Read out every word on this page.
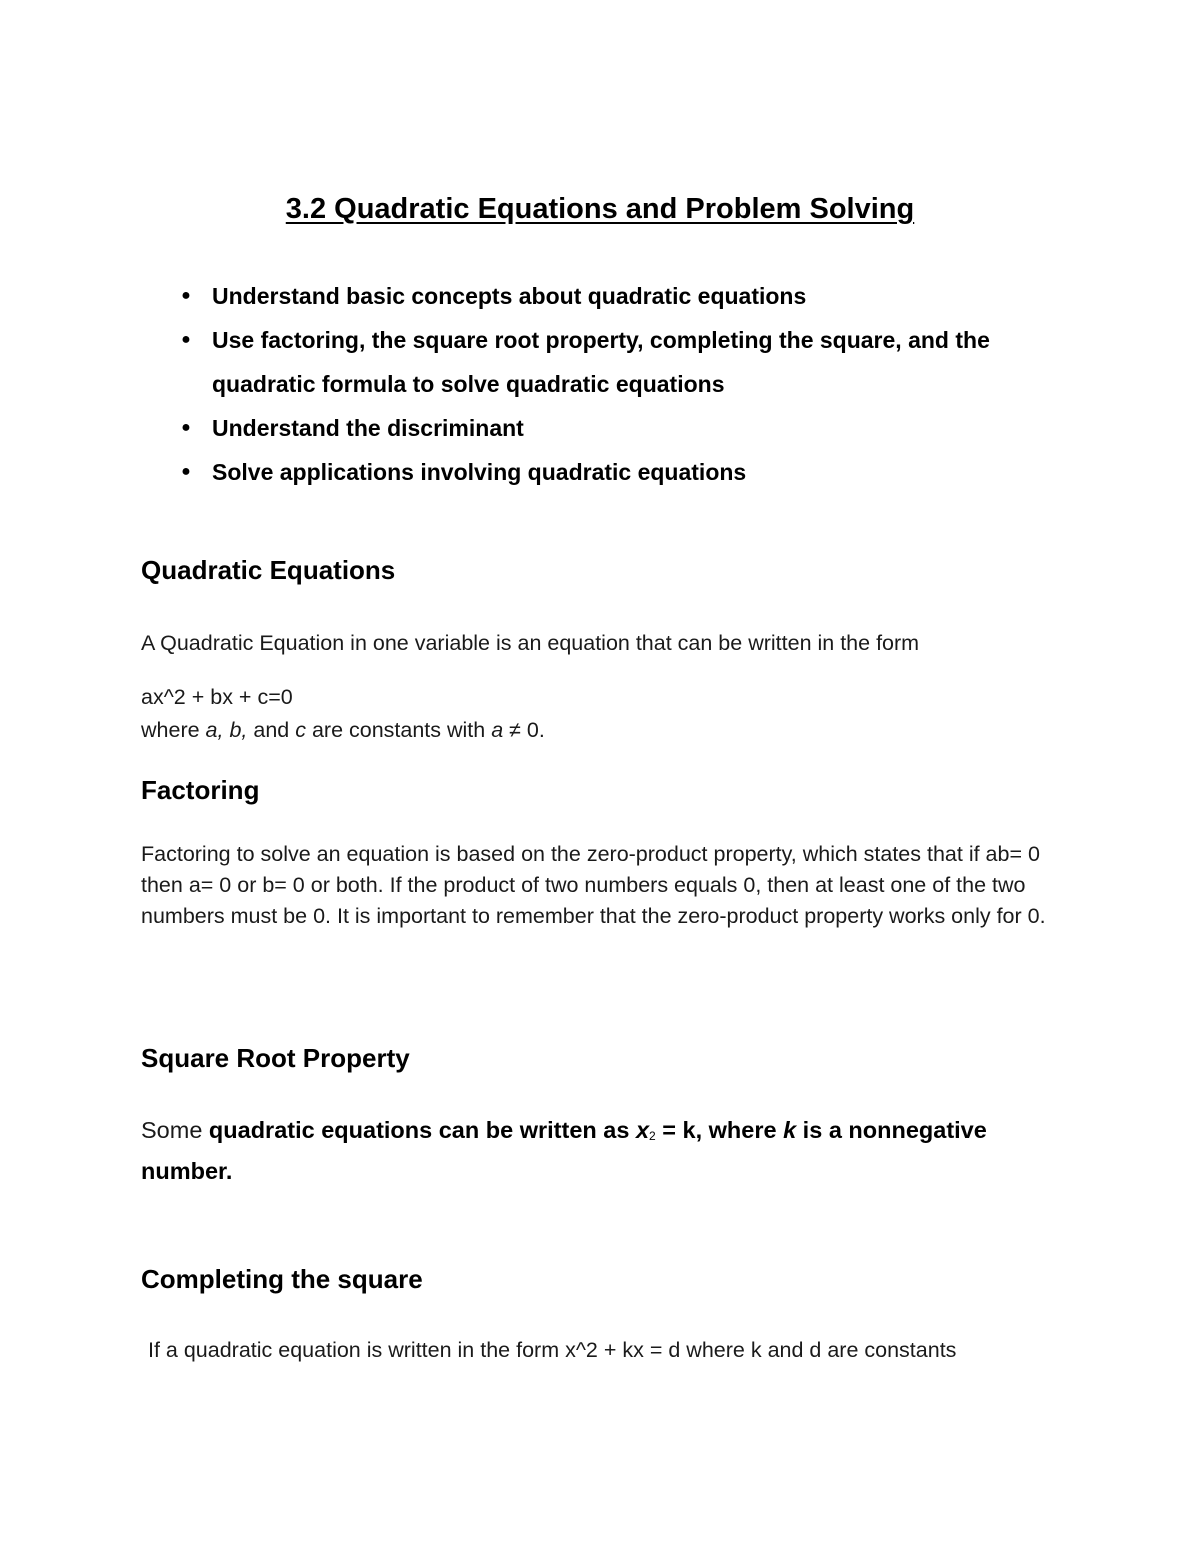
3.2 Quadratic Equations and Problem Solving
● Understand basic concepts about quadratic equations
● Use factoring, the square root property, completing the square, and the quadratic formula to solve quadratic equations
● Understand the discriminant
● Solve applications involving quadratic equations
Quadratic Equations

A Quadratic Equation in one variable is an equation that can be written in the form

ax^2 + bx + c=0

where a, b, and c are constants with a ≠ 0.

Factoring

Factoring to solve an equation is based on the zero-product property, which states that if ab= 0 then a= 0 or b= 0 or both. If the product of two numbers equals 0, then at least one of the two numbers must be 0. It is important to remember that the zero-product property works only for 0.

Square Root Property

Some quadratic equations can be written as $x_2 = k$, where k is a nonnegative number.

Completing the square

If a quadratic equation is written in the form x^2 + kx = d where k and d are constants
